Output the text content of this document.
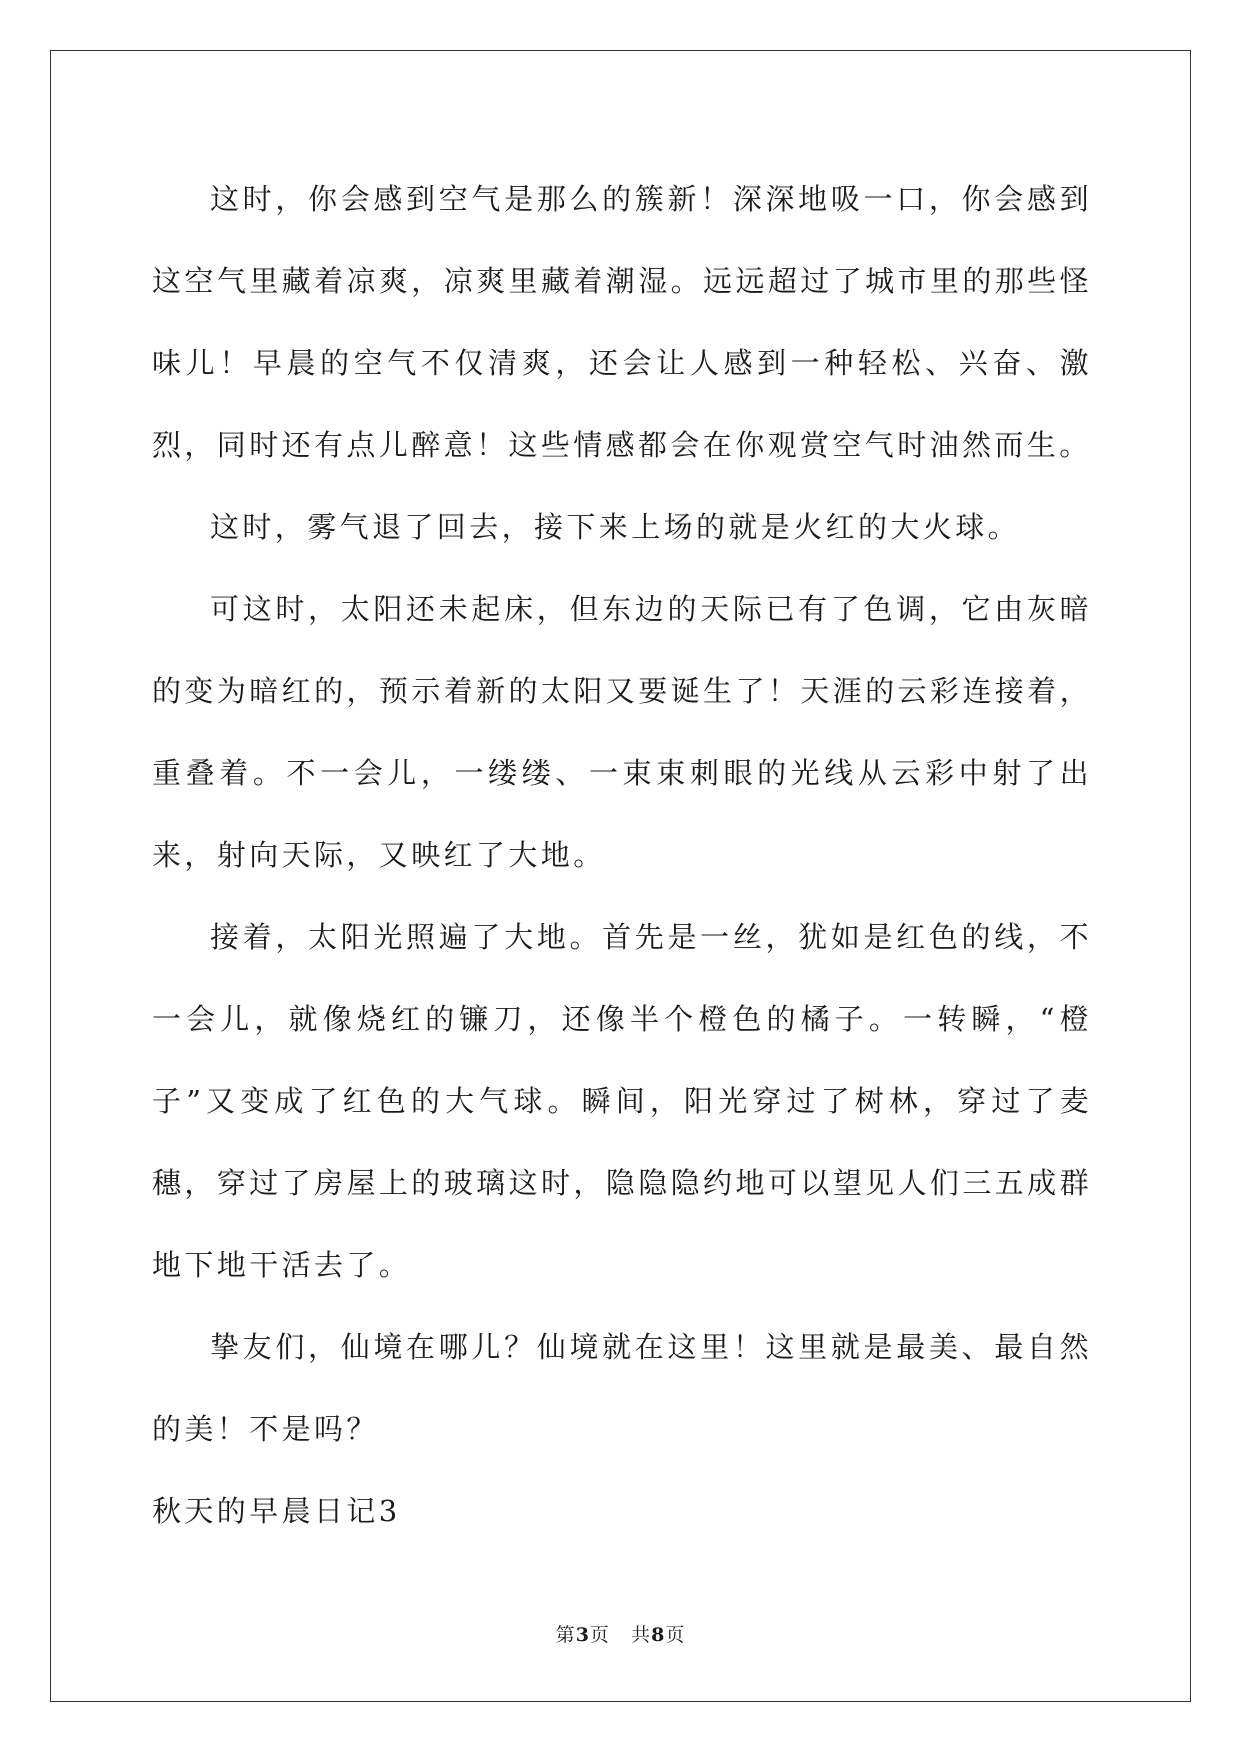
这时，你会感到空气是那么的簇新！深深地吸一口，你会感到这空气里藏着凉爽，凉爽里藏着潮湿。远远超过了城市里的那些怪味儿！早晨的空气不仅清爽，还会让人感到一种轻松、兴奋、激烈，同时还有点儿醉意！这些情感都会在你观赏空气时油然而生。

这时，雾气退了回去，接下来上场的就是火红的大火球。

可这时，太阳还未起床，但东边的天际已有了色调，它由灰暗的变为暗红的，预示着新的太阳又要诞生了！天涯的云彩连接着，重叠着。不一会儿，一缕缕、一束束刺眼的光线从云彩中射了出来，射向天际，又映红了大地。

接着，太阳光照遍了大地。首先是一丝，犹如是红色的线，不一会儿，就像烧红的镰刀，还像半个橙色的橘子。一转瞬，“橙子”又变成了红色的大气球。瞬间，阳光穿过了树林，穿过了麦穗，穿过了房屋上的玻璃这时，隐隐隐约地可以望见人们三五成群地下地干活去了。

挚友们，仙境在哪儿？仙境就在这里！这里就是最美、最自然的美！不是吗？

秋天的早晨日记3

第3页 共8页
